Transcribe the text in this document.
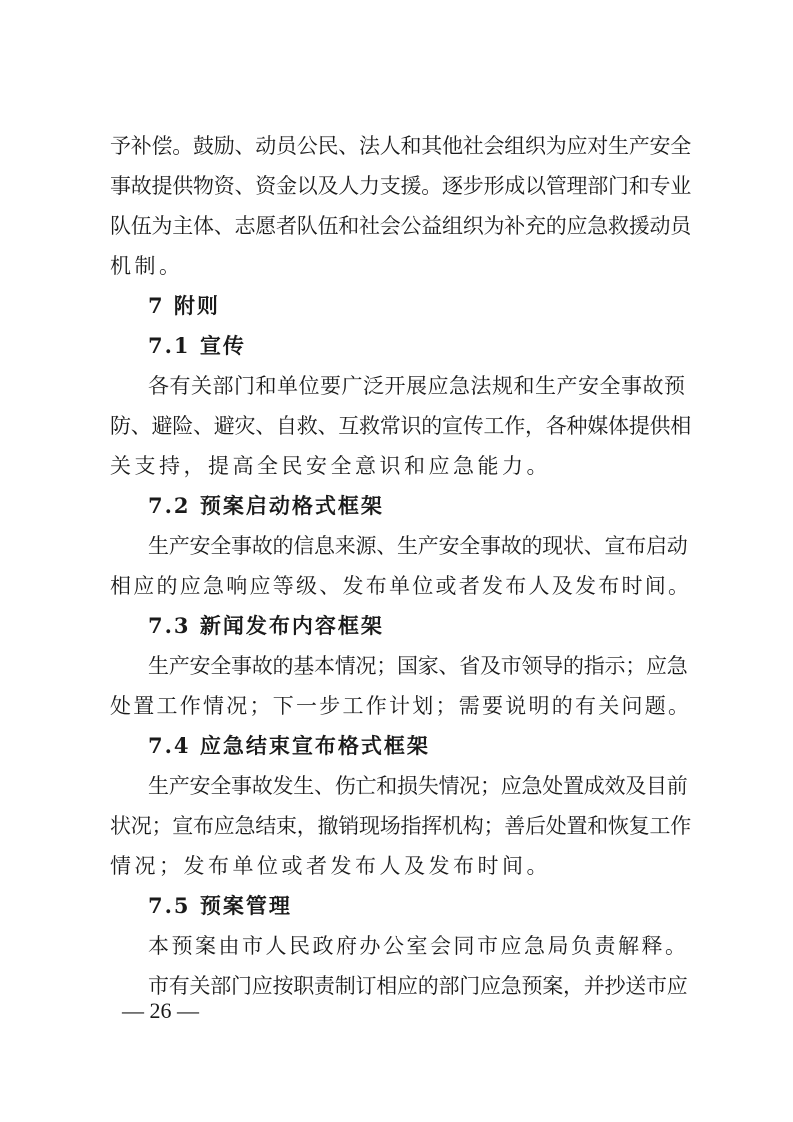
予补偿。鼓励、动员公民、法人和其他社会组织为应对生产安全
事故提供物资、资金以及人力支援。逐步形成以管理部门和专业
队伍为主体、志愿者队伍和社会公益组织为补充的应急救援动员
机制。
7 附则
7.1 宣传
各有关部门和单位要广泛开展应急法规和生产安全事故预
防、避险、避灾、自救、互救常识的宣传工作，各种媒体提供相
关支持，提高全民安全意识和应急能力。
7.2 预案启动格式框架
生产安全事故的信息来源、生产安全事故的现状、宣布启动
相应的应急响应等级、发布单位或者发布人及发布时间。
7.3 新闻发布内容框架
生产安全事故的基本情况；国家、省及市领导的指示；应急
处置工作情况；下一步工作计划；需要说明的有关问题。
7.4 应急结束宣布格式框架
生产安全事故发生、伤亡和损失情况；应急处置成效及目前
状况；宣布应急结束，撤销现场指挥机构；善后处置和恢复工作
情况；发布单位或者发布人及发布时间。
7.5 预案管理
本预案由市人民政府办公室会同市应急局负责解释。
市有关部门应按职责制订相应的部门应急预案，并抄送市应
— 26 —
